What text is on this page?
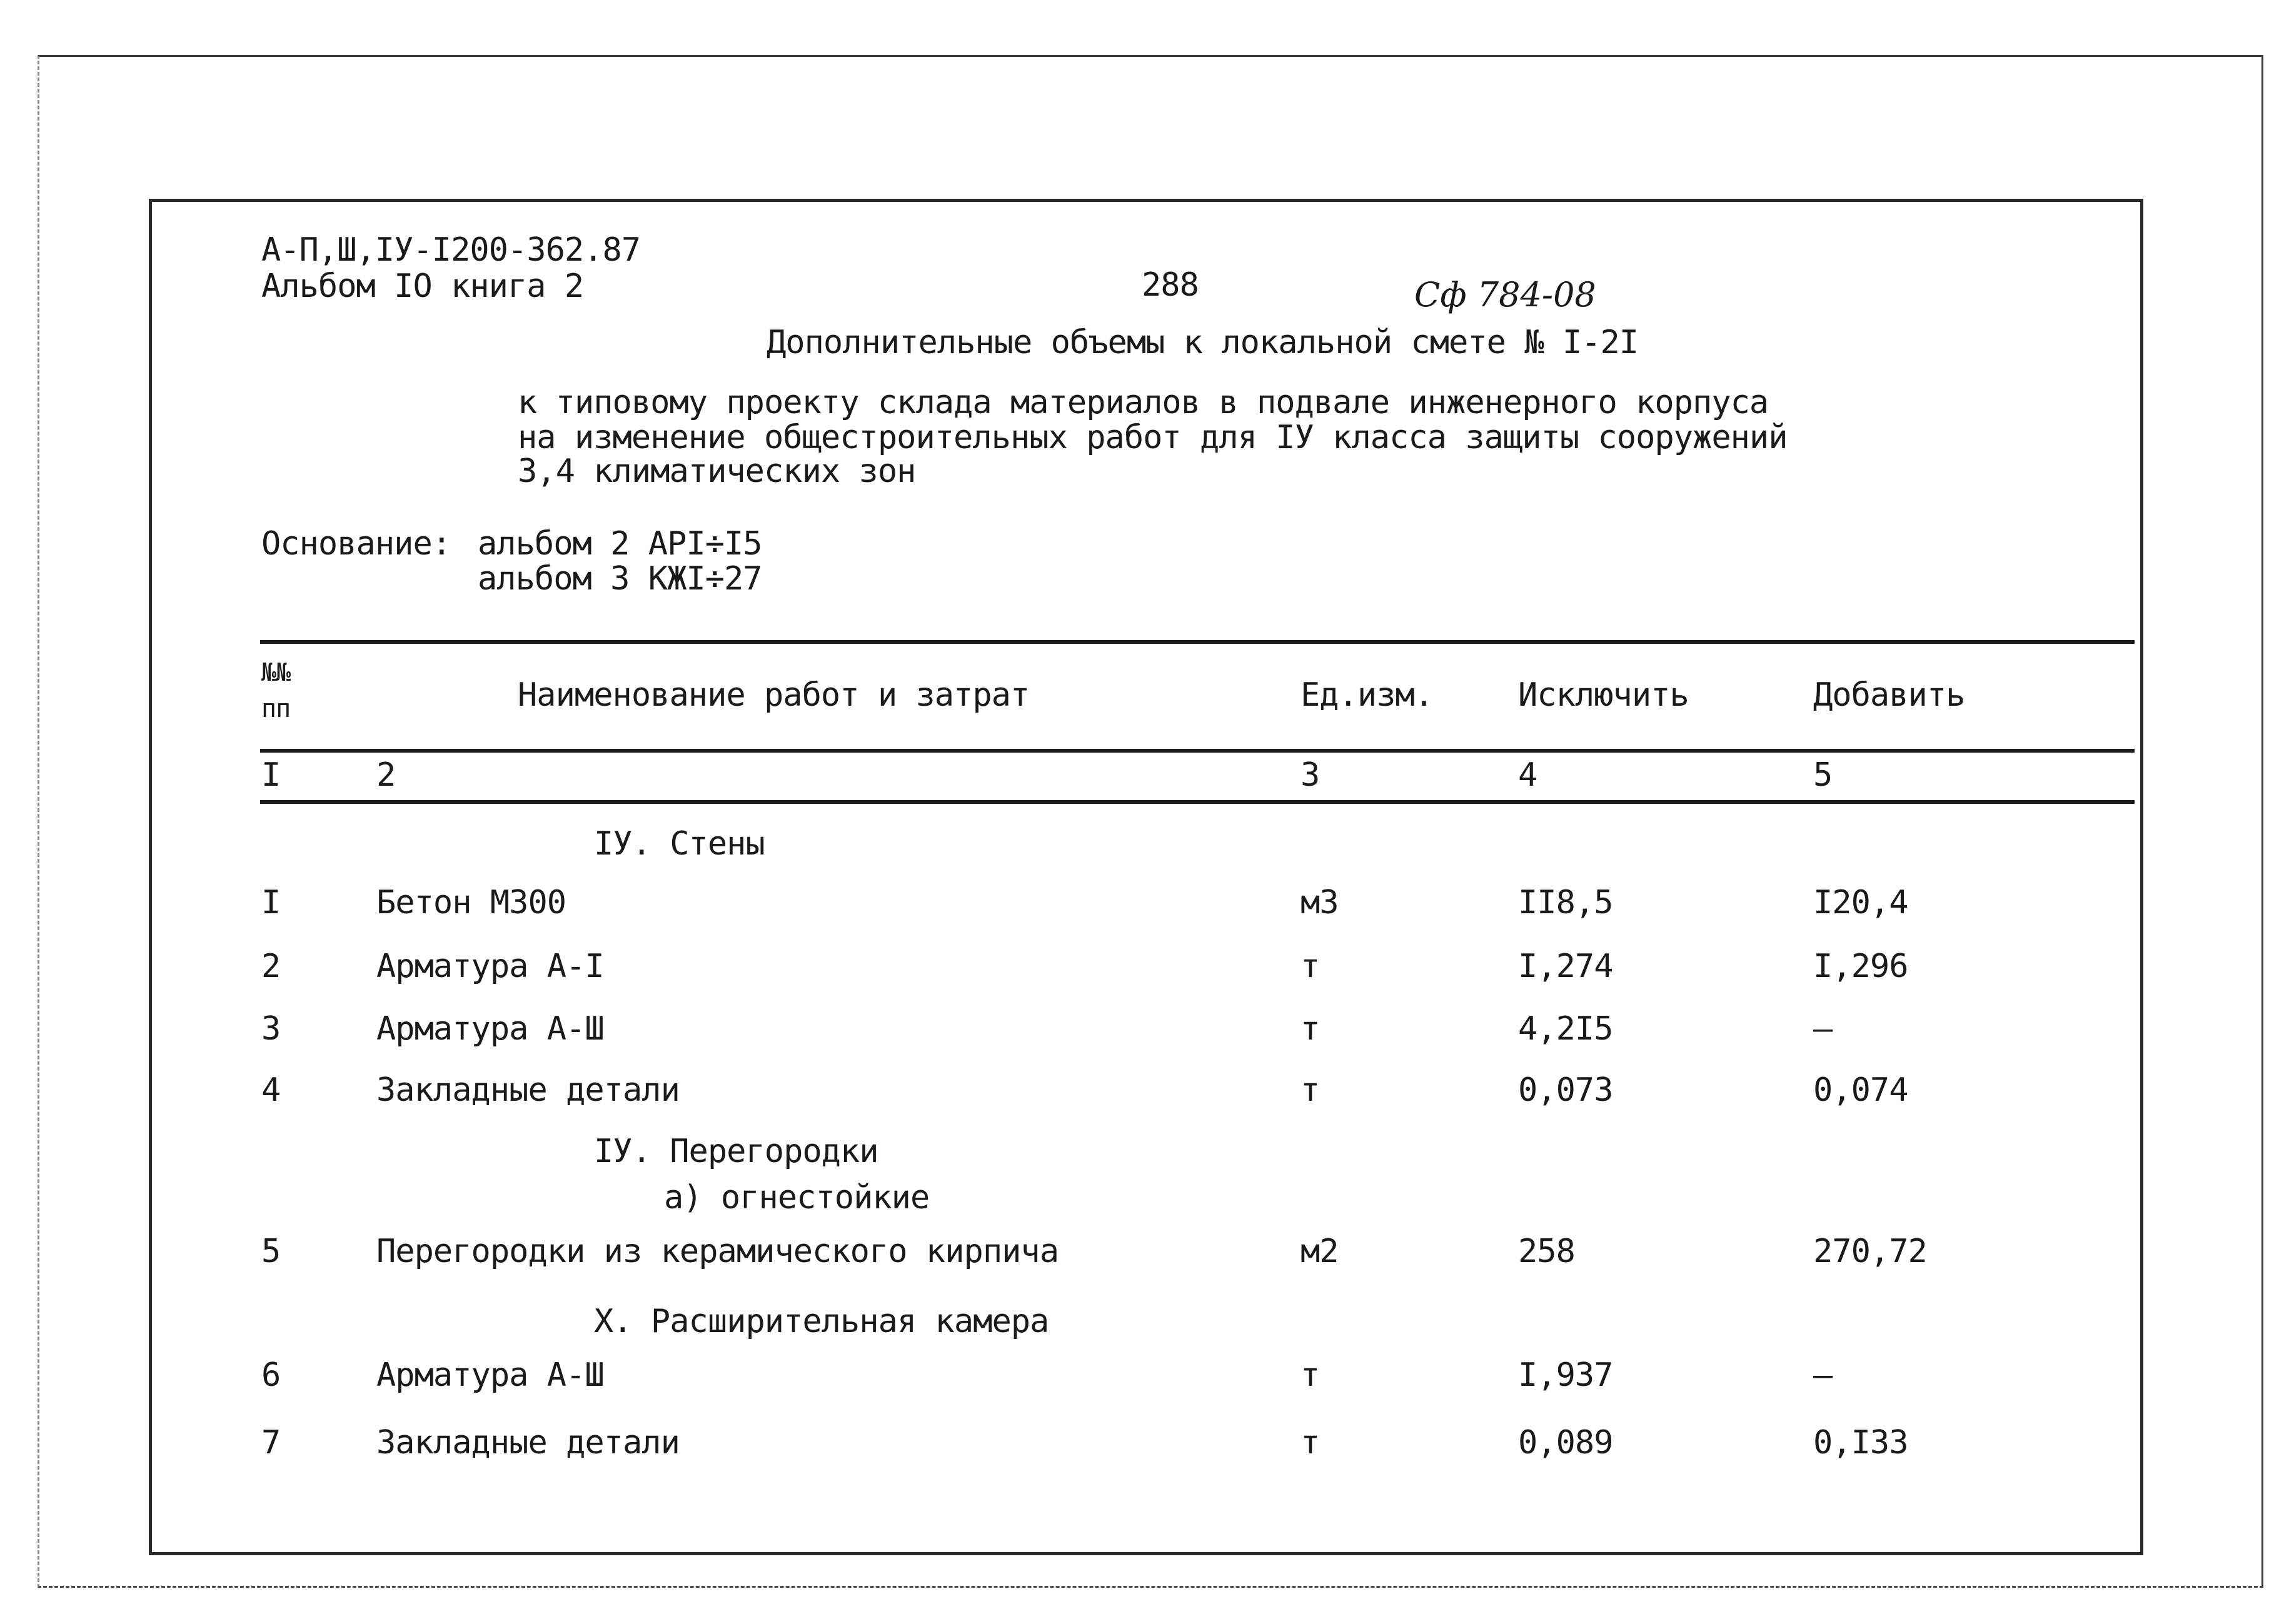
А-П,Ш,IУ-I200-362.87
Альбом IO книга 2	288	Сф 784-08
Дополнительные объемы к локальной смете № I-2I
к типовому проекту склада материалов в подвале инженерного корпуса
на изменение общестроительных работ для IУ класса защиты сооружений
3,4 климатических зон
Основание: альбом 2 АРI÷I5
альбом 3 КЖI÷27
№№
пп	Наименование работ и затрат	Ед.изм.	Исключить	Добавить
I	2	3	4	5
IУ. Стены
I	Бетон М300	м3	II8,5	I20,4
2	Арматура А-I	т	I,274	I,296
3	Арматура А-Ш	т	4,2I5	–
4	Закладные детали	т	0,073	0,074
IУ. Перегородки
а) огнестойкие
5	Перегородки из керамического кирпича	м2	258	270,72
Х. Расширительная камера
6	Арматура А-Ш	т	I,937	–
7	Закладные детали	т	0,089	0,I33
